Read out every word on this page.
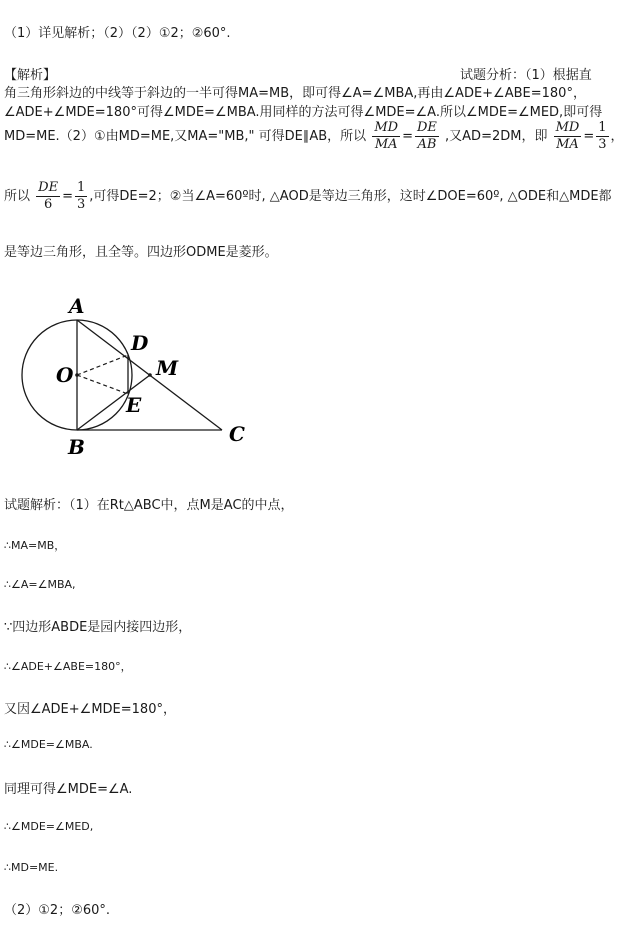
（1）详见解析；（2）（2）①2；②60°.
【解析】	试题分析：（1）根据直
角三角形斜边的中线等于斜边的一半可得MA=MB，即可得∠A=∠MBA,再由∠ADE+∠ABE=180°，
∠ADE+∠MDE=180°可得∠MDE=∠MBA.用同样的方法可得∠MDE=∠A.所以∠MDE=∠MED,即可得
MD=ME.（2）①由MD=ME,又MA="MB," 可得DE∥AB，所以 $\frac{MD}{MA} = \frac{DE}{AB}$ ,又AD=2DM，即 $\frac{MD}{MA} = \frac{1}{3}$ ，
所以 $\frac{DE}{6} = \frac{1}{3}$ ,可得DE=2；②当∠A=60º时, △AOD是等边三角形，这时∠DOE=60º, △ODE和△MDE都
是等边三角形，且全等。四边形ODME是菱形。
A
B
C
D
E
M
O
试题解析：（1）在Rt△ABC中，点M是AC的中点，
∴MA=MB，
∴∠A=∠MBA,
∵四边形ABDE是园内接四边形，
∴∠ADE+∠ABE=180°，
又因∠ADE+∠MDE=180°，
∴∠MDE=∠MBA.
同理可得∠MDE=∠A.
∴∠MDE=∠MED,
∴MD=ME.
（2）①2；②60°.
